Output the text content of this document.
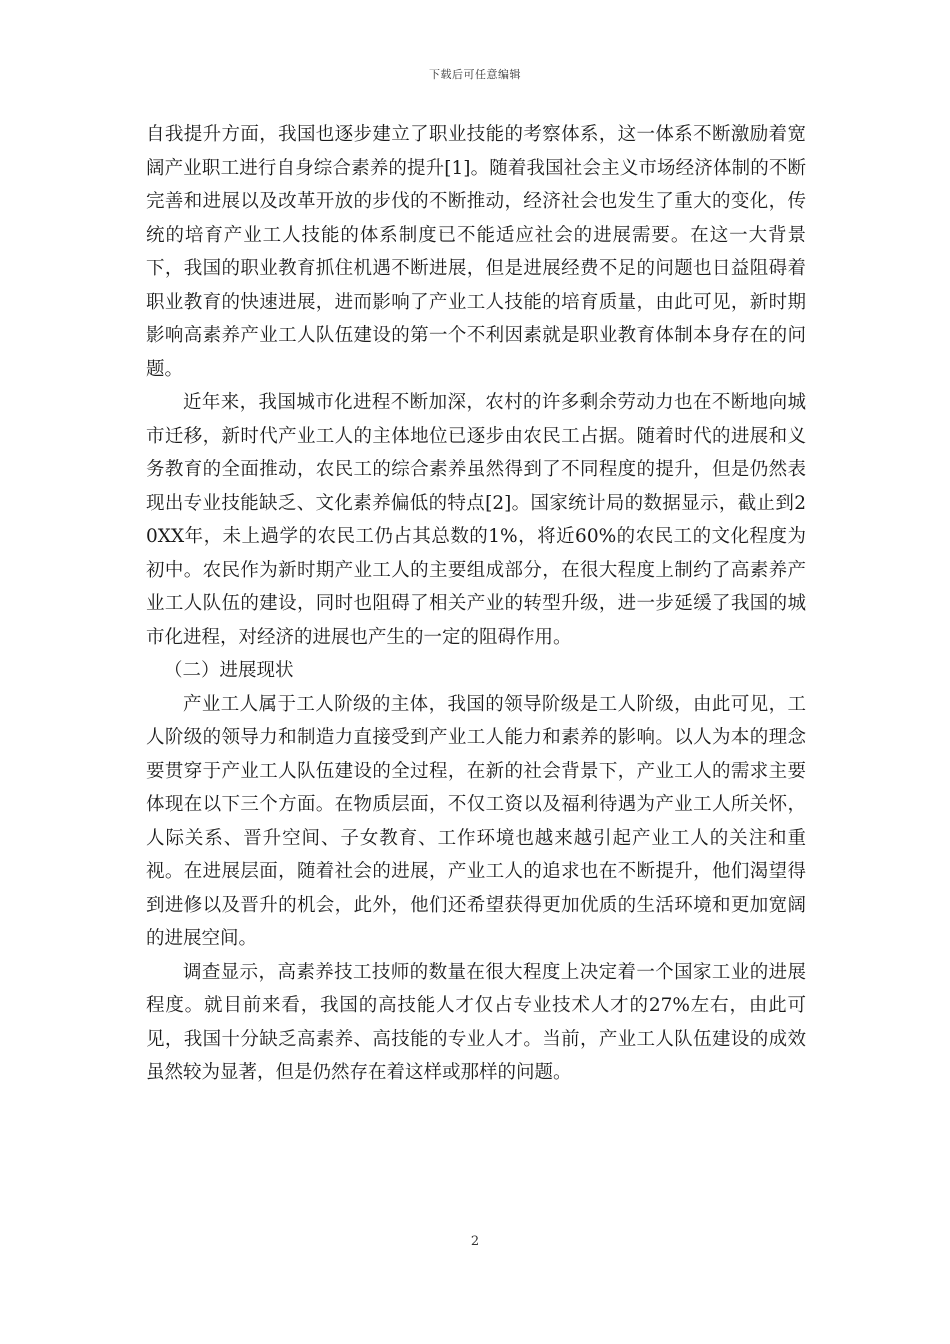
下载后可任意编辑

自我提升方面，我国也逐步建立了职业技能的考察体系，这一体系不断激励着宽阔产业职工进行自身综合素养的提升[1]。随着我国社会主义市场经济体制的不断完善和进展以及改革开放的步伐的不断推动，经济社会也发生了重大的变化，传统的培育产业工人技能的体系制度已不能适应社会的进展需要。在这一大背景下，我国的职业教育抓住机遇不断进展，但是进展经费不足的问题也日益阻碍着职业教育的快速进展，进而影响了产业工人技能的培育质量，由此可见，新时期影响高素养产业工人队伍建设的第一个不利因素就是职业教育体制本身存在的问题。

近年来，我国城市化进程不断加深，农村的许多剩余劳动力也在不断地向城市迁移，新时代产业工人的主体地位已逐步由农民工占据。随着时代的进展和义务教育的全面推动，农民工的综合素养虽然得到了不同程度的提升，但是仍然表现出专业技能缺乏、文化素养偏低的特点[2]。国家统计局的数据显示，截止到20XX年，未上過学的农民工仍占其总数的1%，将近60%的农民工的文化程度为初中。农民作为新时期产业工人的主要组成部分，在很大程度上制约了高素养产业工人队伍的建设，同时也阻碍了相关产业的转型升级，进一步延缓了我国的城市化进程，对经济的进展也产生的一定的阻碍作用。

（二）进展现状

产业工人属于工人阶级的主体，我国的领导阶级是工人阶级，由此可见，工人阶级的领导力和制造力直接受到产业工人能力和素养的影响。以人为本的理念要贯穿于产业工人队伍建设的全过程，在新的社会背景下，产业工人的需求主要体现在以下三个方面。在物质层面，不仅工资以及福利待遇为产业工人所关怀，人际关系、晋升空间、子女教育、工作环境也越来越引起产业工人的关注和重视。在进展层面，随着社会的进展，产业工人的追求也在不断提升，他们渴望得到进修以及晋升的机会，此外，他们还希望获得更加优质的生活环境和更加宽阔的进展空间。

调查显示，高素养技工技师的数量在很大程度上决定着一个国家工业的进展程度。就目前来看，我国的高技能人才仅占专业技术人才的27%左右，由此可见，我国十分缺乏高素养、高技能的专业人才。当前，产业工人队伍建设的成效虽然较为显著，但是仍然存在着这样或那样的问题。

2
